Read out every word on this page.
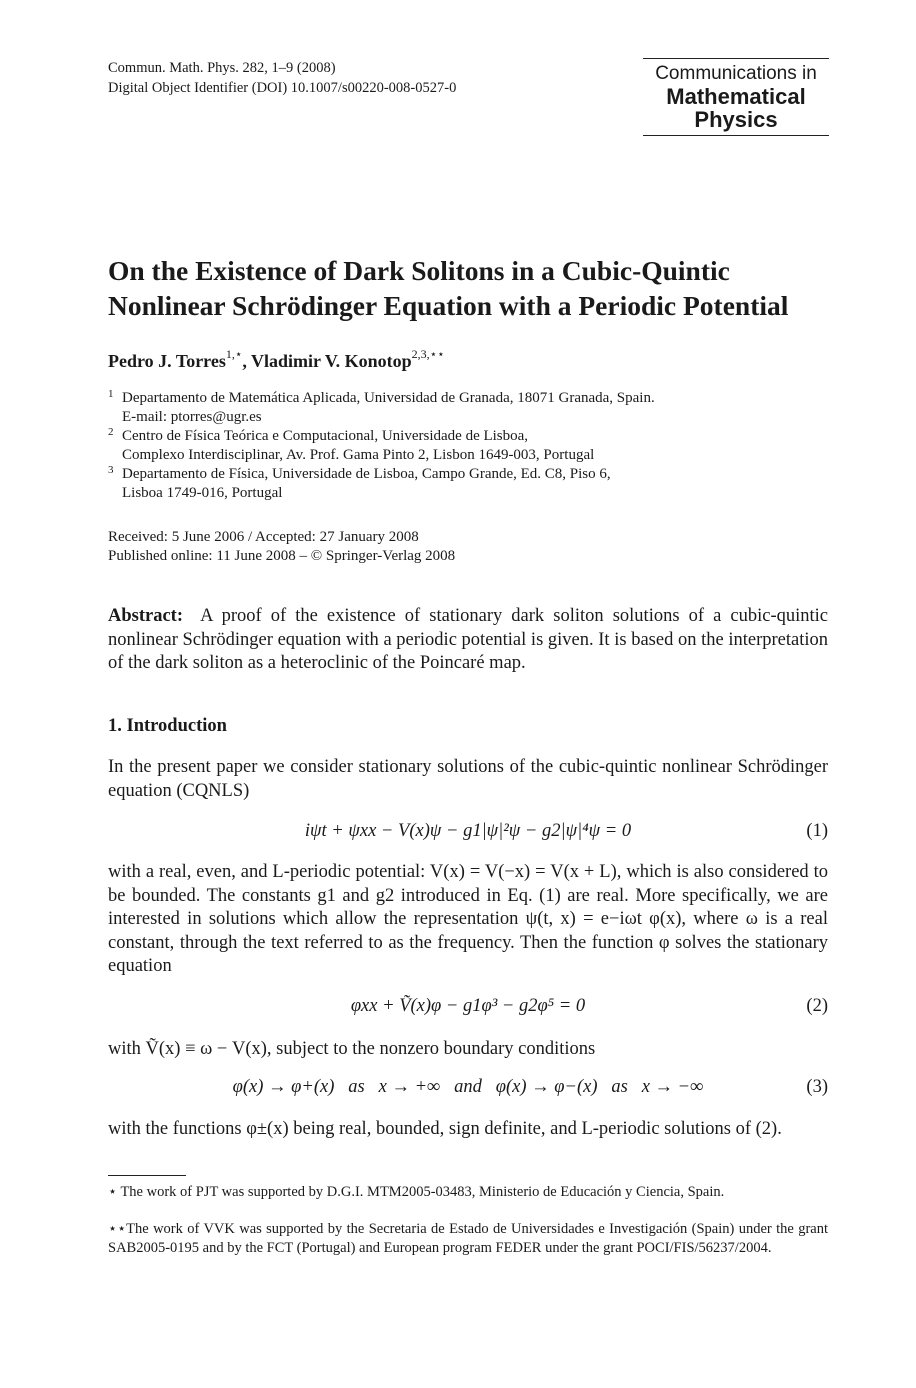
Commun. Math. Phys. 282, 1–9 (2008)
Digital Object Identifier (DOI) 10.1007/s00220-008-0527-0
Communications in
Mathematical
Physics
On the Existence of Dark Solitons in a Cubic-Quintic
Nonlinear Schrödinger Equation with a Periodic Potential
Pedro J. Torres$^{1,⋆}$, Vladimir V. Konotop$^{2,3,⋆⋆}$
1 Departamento de Matemática Aplicada, Universidad de Granada, 18071 Granada, Spain.
E-mail: ptorres@ugr.es
2 Centro de Física Teórica e Computacional, Universidade de Lisboa,
Complexo Interdisciplinar, Av. Prof. Gama Pinto 2, Lisbon 1649-003, Portugal
3 Departamento de Física, Universidade de Lisboa, Campo Grande, Ed. C8, Piso 6,
Lisboa 1749-016, Portugal
Received: 5 June 2006 / Accepted: 27 January 2008
Published online: 11 June 2008 – © Springer-Verlag 2008
Abstract: A proof of the existence of stationary dark soliton solutions of a cubic-quintic nonlinear Schrödinger equation with a periodic potential is given. It is based on the interpretation of the dark soliton as a heteroclinic of the Poincaré map.
1. Introduction
In the present paper we consider stationary solutions of the cubic-quintic nonlinear Schrödinger equation (CQNLS)
iψt + ψxx − V(x)ψ − g1|ψ|²ψ − g2|ψ|⁴ψ = 0	(1)
with a real, even, and L-periodic potential: V(x) = V(−x) = V(x + L), which is also considered to be bounded. The constants g1 and g2 introduced in Eq. (1) are real. More specifically, we are interested in solutions which allow the representation ψ(t, x) = e−iωt φ(x), where ω is a real constant, through the text referred to as the frequency. Then the function φ solves the stationary equation
φxx + Ṽ(x)φ − g1φ³ − g2φ⁵ = 0	(2)
with Ṽ(x) ≡ ω − V(x), subject to the nonzero boundary conditions
φ(x) → φ+(x)   as   x → +∞   and   φ(x) → φ−(x)   as   x → −∞	(3)
with the functions φ±(x) being real, bounded, sign definite, and L-periodic solutions of (2).
⋆ The work of PJT was supported by D.G.I. MTM2005-03483, Ministerio de Educación y Ciencia, Spain.
⋆⋆The work of VVK was supported by the Secretaria de Estado de Universidades e Investigación (Spain) under the grant SAB2005-0195 and by the FCT (Portugal) and European program FEDER under the grant POCI/FIS/56237/2004.
